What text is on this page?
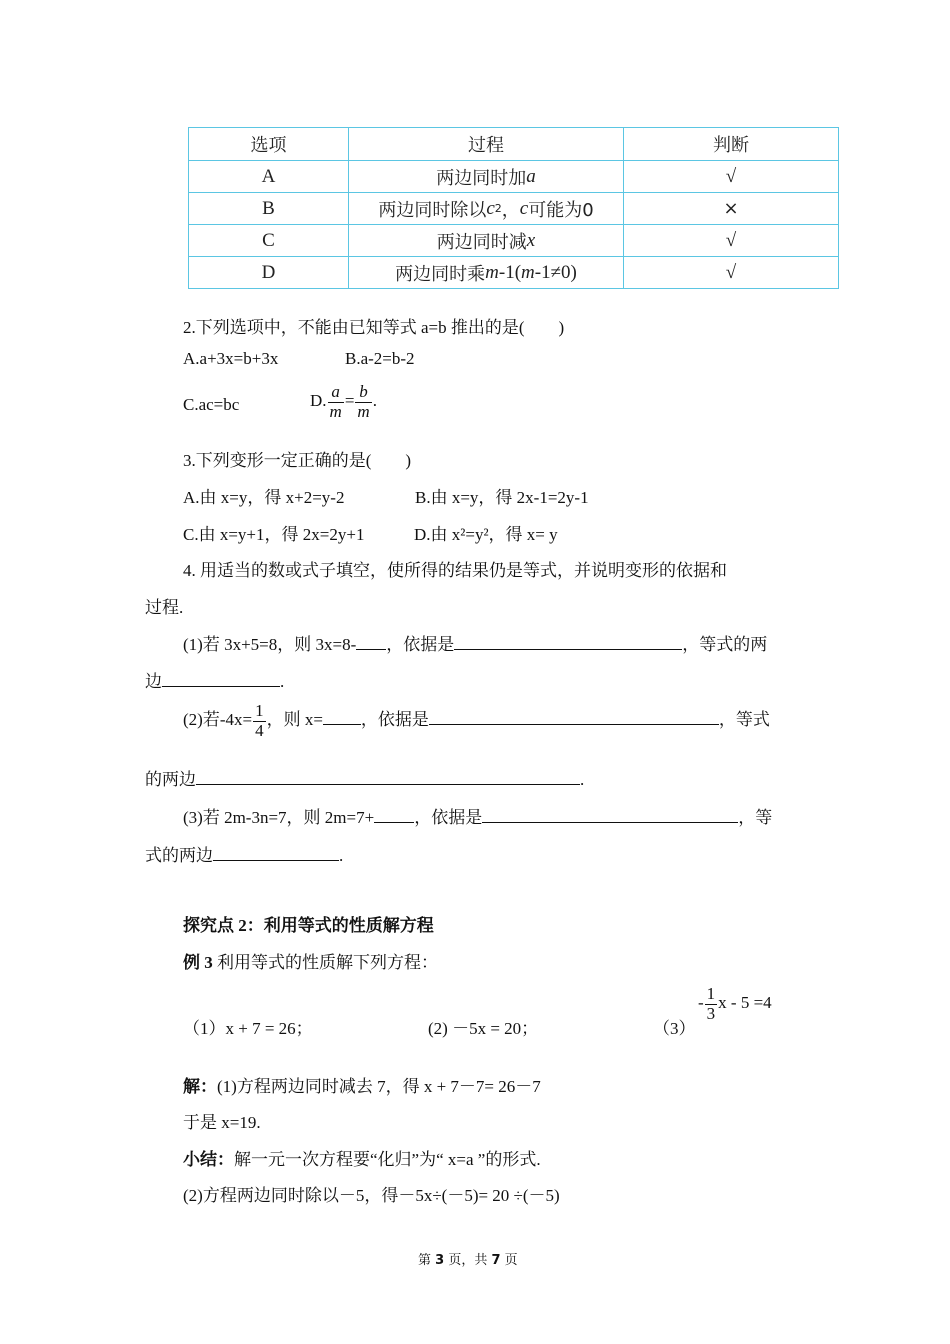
选项	过程	判断
A	两边同时加 a	√
B	两边同时除以 c 2 ， c 可能为0	×
C	两边同时减 x	√
D	两边同时乘 m -1( m -1≠0)	√
2.下列选项中，不能由已知等式 a=b 推出的是(　　)
A.a+3x=b+3x	B.a-2=b-2
C.ac=bc	D. $\frac{a}{m} = \frac{b}{m}$ .
3.下列变形一定正确的是(　　)
A.由 x=y，得 x+2=y-2	B.由 x=y，得 2x-1=2y-1
C.由 x=y+1，得 2x=2y+1	D.由 x²=y²，得 x= y
4. 用适当的数或式子填空，使所得的结果仍是等式，并说明变形的依据和
过程.
(1)若 3x+5=8，则 3x=8- ，依据是	，等式的两
边	.
(2)若$-4x= \frac{1}{4}$ ，则 x= ，依据是	，等式
的两边	.
(3)若 2m-3n=7，则 2m=7+ ，依据是	，等
式的两边	.
探究点 2：利用等式的性质解方程
例 3 利用等式的性质解下列方程：
（1）x + 7 = 26；	(2) －5x = 20；	（3）
- $\frac{1}{3}$ x - 5 =4
解：(1)方程两边同时减去 7，得 x + 7－7= 26－7
于是 x=19.
小结：解一元一次方程要“化归”为“ x=a ”的形式.
(2)方程两边同时除以－5，得－5x÷(－5)= 20 ÷(－5)
第 3 页，共 7 页
